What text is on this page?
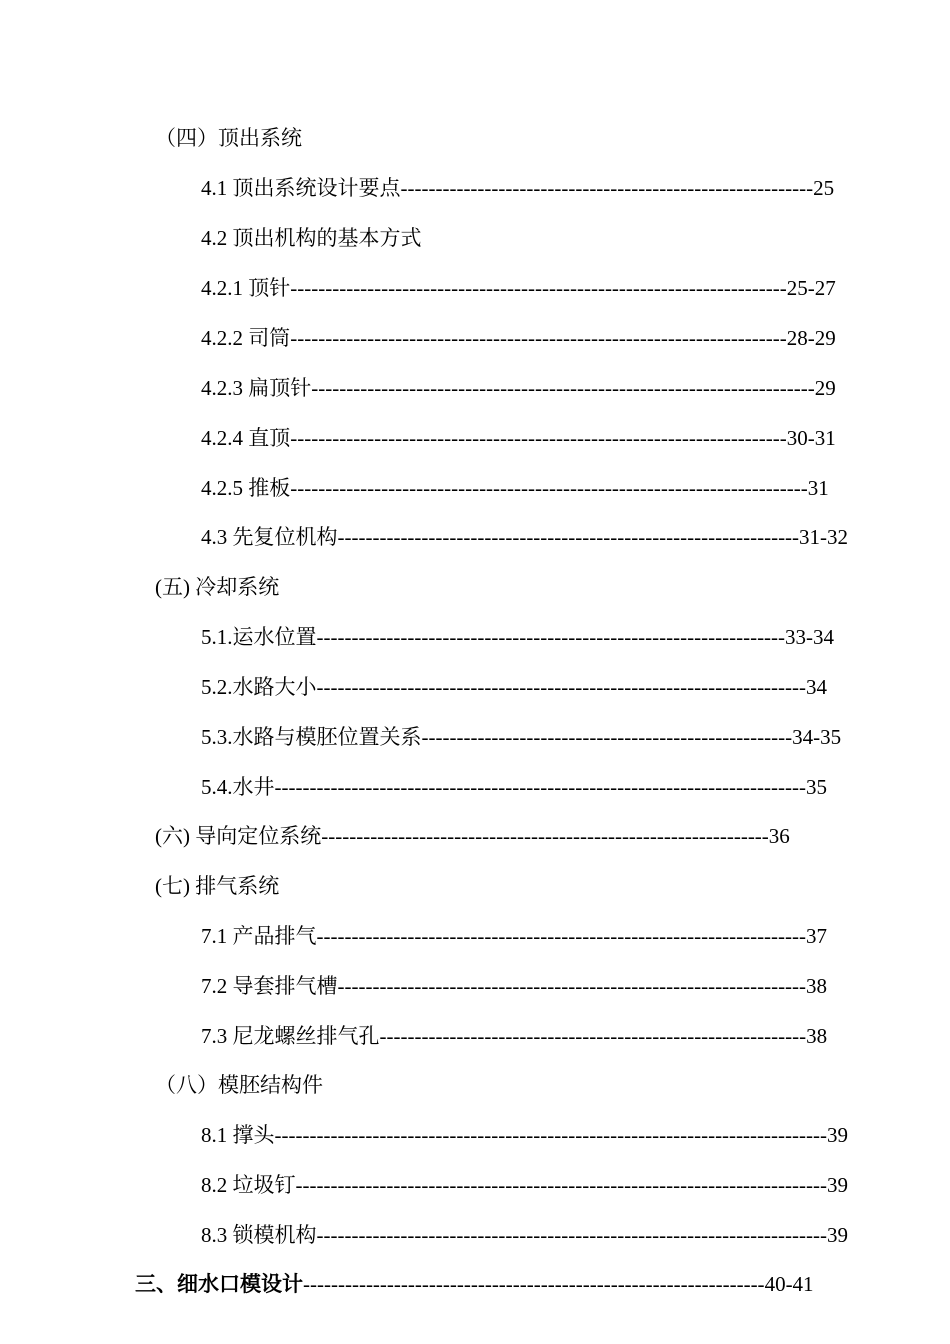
（四）顶出系统
4.1 顶出系统设计要点-----------------------------------------------------------25
4.2 顶出机构的基本方式
4.2.1 顶针-----------------------------------------------------------------------25-27
4.2.2 司筒-----------------------------------------------------------------------28-29
4.2.3 扁顶针------------------------------------------------------------------------29
4.2.4 直顶-----------------------------------------------------------------------30-31
4.2.5 推板--------------------------------------------------------------------------31
4.3 先复位机构------------------------------------------------------------------31-32
(五) 冷却系统
5.1.运水位置-------------------------------------------------------------------33-34
5.2.水路大小----------------------------------------------------------------------34
5.3.水路与模胚位置关系-----------------------------------------------------34-35
5.4.水井----------------------------------------------------------------------------35
(六) 导向定位系统----------------------------------------------------------------36
(七) 排气系统
7.1 产品排气----------------------------------------------------------------------37
7.2 导套排气槽-------------------------------------------------------------------38
7.3 尼龙螺丝排气孔-------------------------------------------------------------38
（八）模胚结构件
8.1 撑头-------------------------------------------------------------------------------39
8.2 垃圾钉----------------------------------------------------------------------------39
8.3 锁模机构-------------------------------------------------------------------------39
三、细水口模设计------------------------------------------------------------------40-41
